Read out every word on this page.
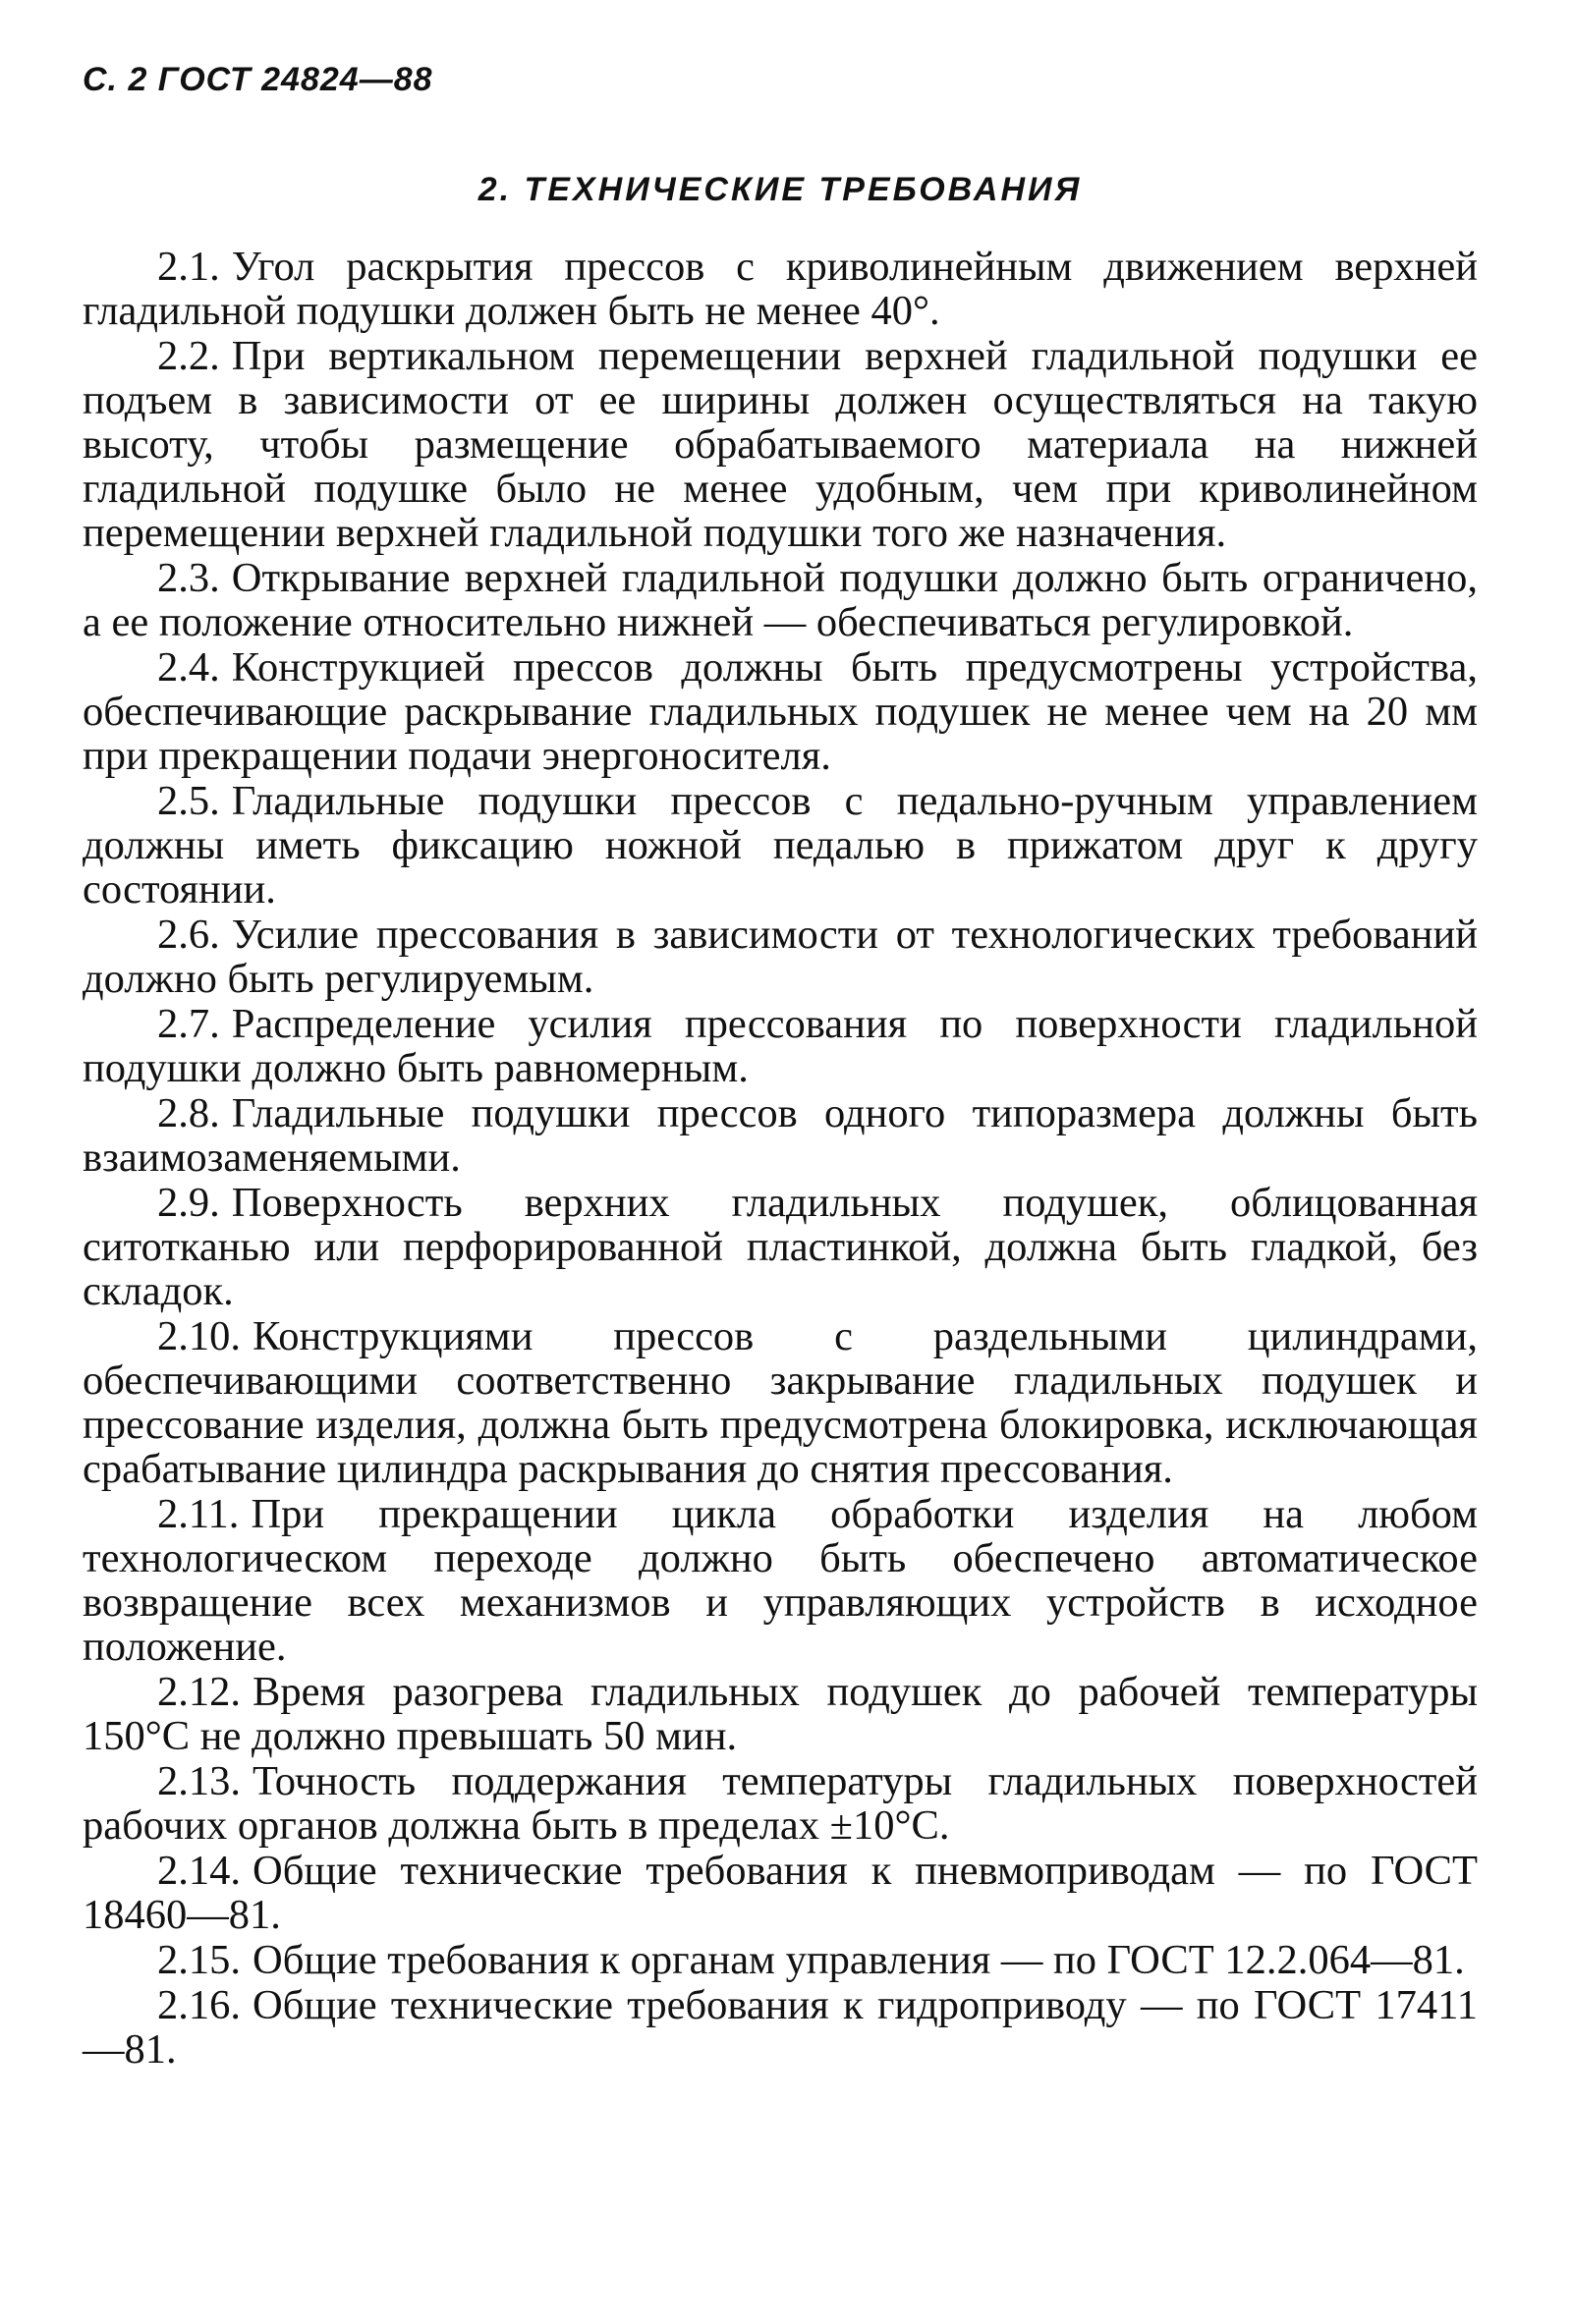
С. 2 ГОСТ 24824—88
2. ТЕХНИЧЕСКИЕ ТРЕБОВАНИЯ

2.1. Угол раскрытия прессов с криволинейным движением верхней гладильной подушки должен быть не менее 40°.

2.2. При вертикальном перемещении верхней гладильной подушки ее подъем в зависимости от ее ширины должен осуществляться на такую высоту, чтобы размещение обрабатываемого материала на нижней гладильной подушке было не менее удобным, чем при криволинейном перемещении верхней гладильной подушки того же назначения.

2.3. Открывание верхней гладильной подушки должно быть ограничено, а ее положение относительно нижней — обеспечиваться регулировкой.

2.4. Конструкцией прессов должны быть предусмотрены устройства, обеспечивающие раскрывание гладильных подушек не менее чем на 20 мм при прекращении подачи энергоносителя.

2.5. Гладильные подушки прессов с педально-ручным управлением должны иметь фиксацию ножной педалью в прижатом друг к другу состоянии.

2.6. Усилие прессования в зависимости от технологических требований должно быть регулируемым.

2.7. Распределение усилия прессования по поверхности гладильной подушки должно быть равномерным.

2.8. Гладильные подушки прессов одного типоразмера должны быть взаимозаменяемыми.

2.9. Поверхность верхних гладильных подушек, облицованная ситотканью или перфорированной пластинкой, должна быть гладкой, без складок.

2.10. Конструкциями прессов с раздельными цилиндрами, обеспечивающими соответственно закрывание гладильных подушек и прессование изделия, должна быть предусмотрена блокировка, исключающая срабатывание цилиндра раскрывания до снятия прессования.

2.11. При прекращении цикла обработки изделия на любом технологическом переходе должно быть обеспечено автоматическое возвращение всех механизмов и управляющих устройств в исходное положение.

2.12. Время разогрева гладильных подушек до рабочей температуры 150°С не должно превышать 50 мин.

2.13. Точность поддержания температуры гладильных поверхностей рабочих органов должна быть в пределах ±10°С.

2.14. Общие технические требования к пневмоприводам — по ГОСТ 18460—81.

2.15. Общие требования к органам управления — по ГОСТ 12.2.064—81.

2.16. Общие технические требования к гидроприводу — по ГОСТ 17411—81.
